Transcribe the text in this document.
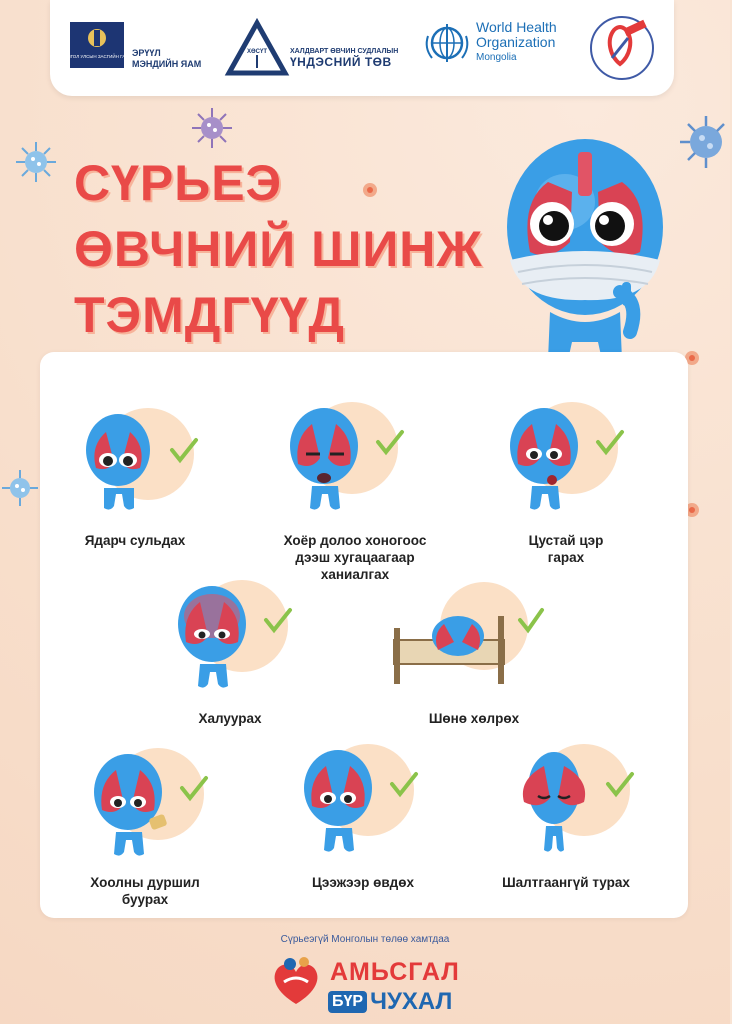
МОНГОЛ УЛСЫН ЗАСГИЙН ГАЗАР
ЭРҮҮЛ
МЭНДИЙН ЯАМ
ХӨСҮТ	ХАЛДВАРТ ӨВЧИН СУДЛАЛЫН
ҮНДЭСНИЙ ТӨВ
World Health
Organization
Mongolia
СҮРЬЕЭ
ӨВЧНИЙ ШИНЖ
ТЭМДГҮҮД
Ядарч сульдах	Хоёр долоо хоногоос
дээш хугацаагаар
ханиалгах
Цустай цэр
гарах
Халуурах	Шөнө хөлрөх
Хоолны дуршил
буурах
Цээжээр өвдөх	Шалтгаангүй турах
Сүрьеэгүй Монголын төлөө хамтдаа
АМЬСГАЛ
БҮР ЧУХАЛ
